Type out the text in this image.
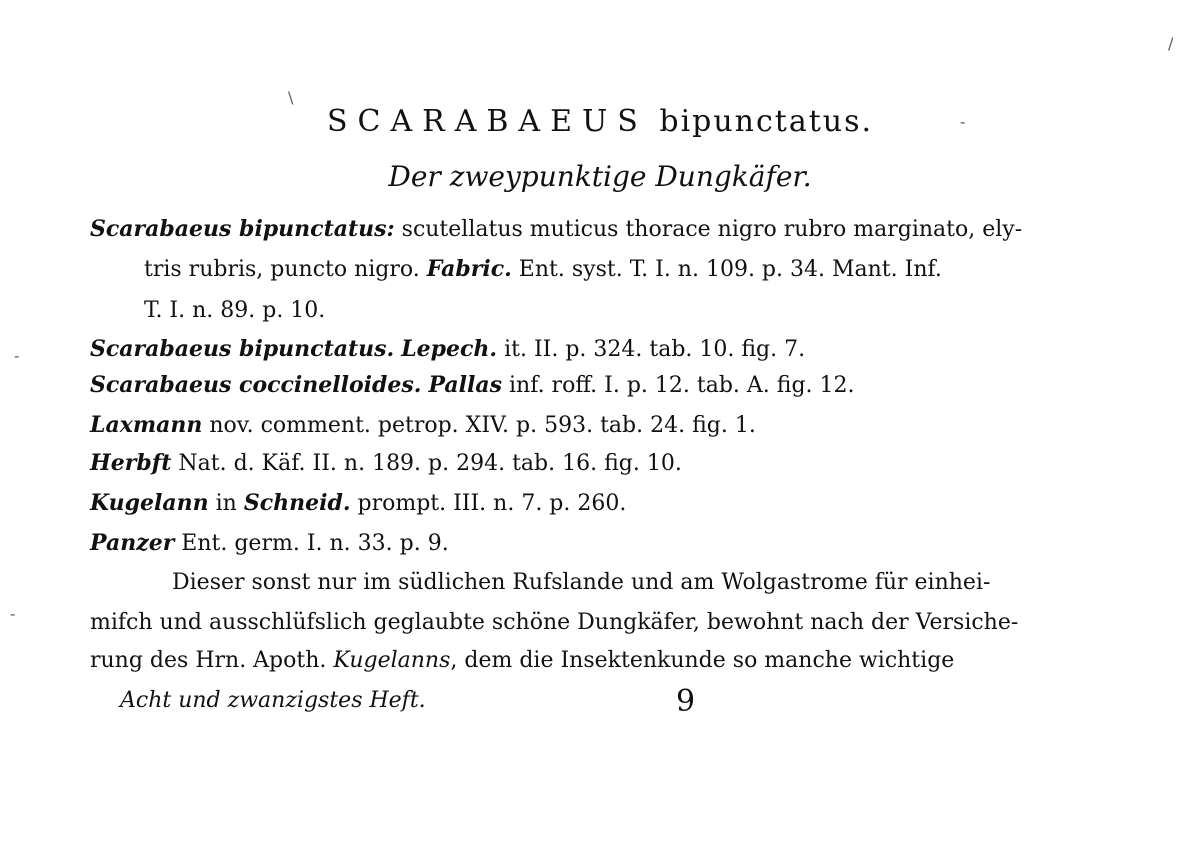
SCARABAEUS bipunctatus.
Der zweypunktige Dungkäfer.
Scarabaeus bipunctatus: scutellatus muticus thorace nigro rubro marginato, ely-
tris rubris, puncto nigro. Fabric. Ent. syst. T. I. n. 109. p. 34. Mant. Inf.
T. I. n. 89. p. 10.
Scarabaeus bipunctatus. Lepech. it. II. p. 324. tab. 10. fig. 7.
Scarabaeus coccinelloides. Pallas inf. roff. I. p. 12. tab. A. fig. 12.
Laxmann nov. comment. petrop. XIV. p. 593. tab. 24. fig. 1.
Herbft Nat. d. Käf. II. n. 189. p. 294. tab. 16. fig. 10.
Kugelann in Schneid. prompt. III. n. 7. p. 260.
Panzer Ent. germ. I. n. 33. p. 9.
Dieser sonst nur im südlichen Rufslande und am Wolgastrome für einhei-
mifch und ausschlüfslich geglaubte schöne Dungkäfer, bewohnt nach der Versiche-
rung des Hrn. Apoth. Kugelanns, dem die Insektenkunde so manche wichtige
Acht und zwanzigstes Heft.	9
\
/
-
-
-
